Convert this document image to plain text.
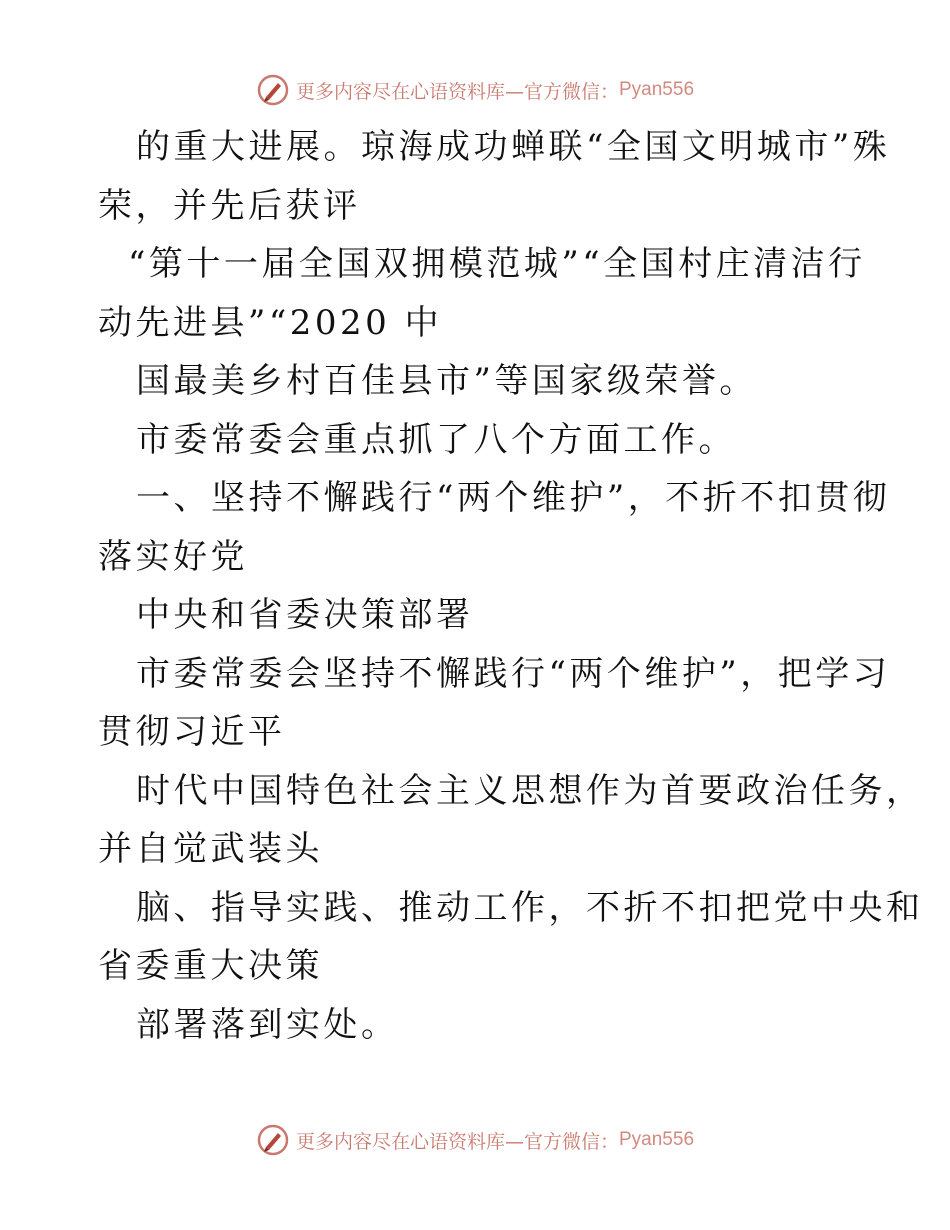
更多内容尽在心语资料库—官方微信： Pyan556
的重大进展。琼海成功蝉联“全国文明城市”殊
荣，并先后获评
“第十一届全国双拥模范城”“全国村庄清洁行
动先进县”“2020 中
国最美乡村百佳县市”等国家级荣誉。
市委常委会重点抓了八个方面工作。
一、坚持不懈践行“两个维护”，不折不扣贯彻
落实好党
中央和省委决策部署
市委常委会坚持不懈践行“两个维护”，把学习
贯彻习近平
时代中国特色社会主义思想作为首要政治任务，
并自觉武装头
脑、指导实践、推动工作，不折不扣把党中央和
省委重大决策
部署落到实处。
更多内容尽在心语资料库—官方微信： Pyan556
